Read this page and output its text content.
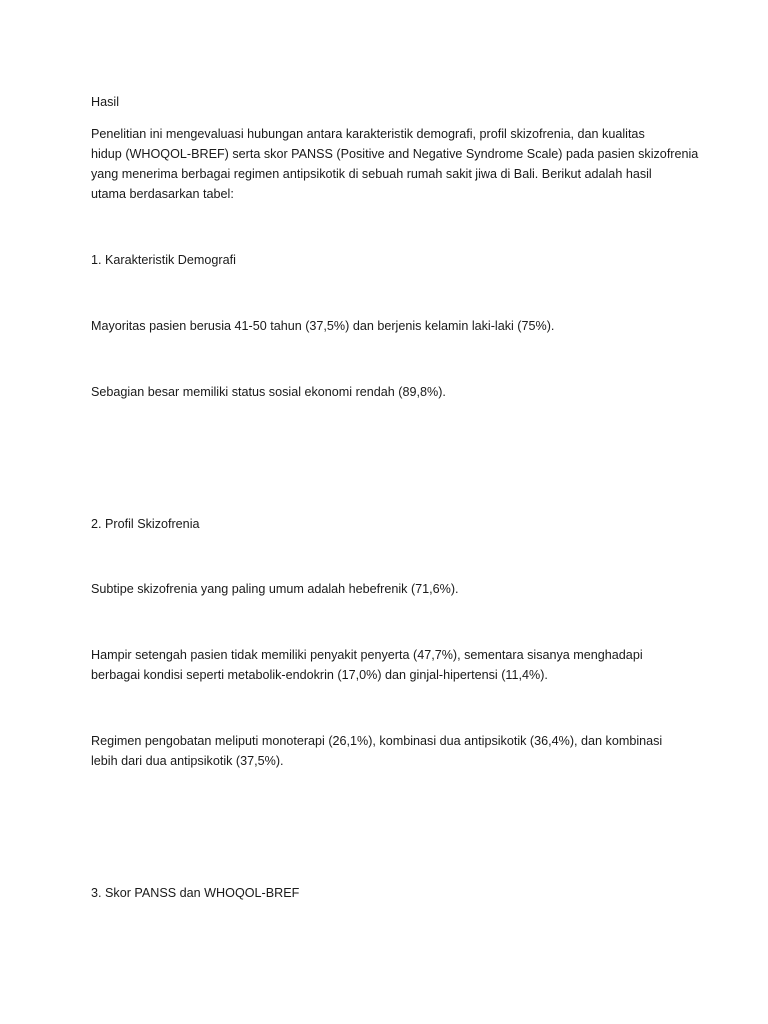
Hasil

Penelitian ini mengevaluasi hubungan antara karakteristik demografi, profil skizofrenia, dan kualitas
hidup (WHOQOL-BREF) serta skor PANSS (Positive and Negative Syndrome Scale) pada pasien skizofrenia
yang menerima berbagai regimen antipsikotik di sebuah rumah sakit jiwa di Bali. Berikut adalah hasil
utama berdasarkan tabel:

1. Karakteristik Demografi

Mayoritas pasien berusia 41-50 tahun (37,5%) dan berjenis kelamin laki-laki (75%).

Sebagian besar memiliki status sosial ekonomi rendah (89,8%).

2. Profil Skizofrenia

Subtipe skizofrenia yang paling umum adalah hebefrenik (71,6%).

Hampir setengah pasien tidak memiliki penyakit penyerta (47,7%), sementara sisanya menghadapi
berbagai kondisi seperti metabolik-endokrin (17,0%) dan ginjal-hipertensi (11,4%).
Regimen pengobatan meliputi monoterapi (26,1%), kombinasi dua antipsikotik (36,4%), dan kombinasi
lebih dari dua antipsikotik (37,5%).

3. Skor PANSS dan WHOQOL-BREF
